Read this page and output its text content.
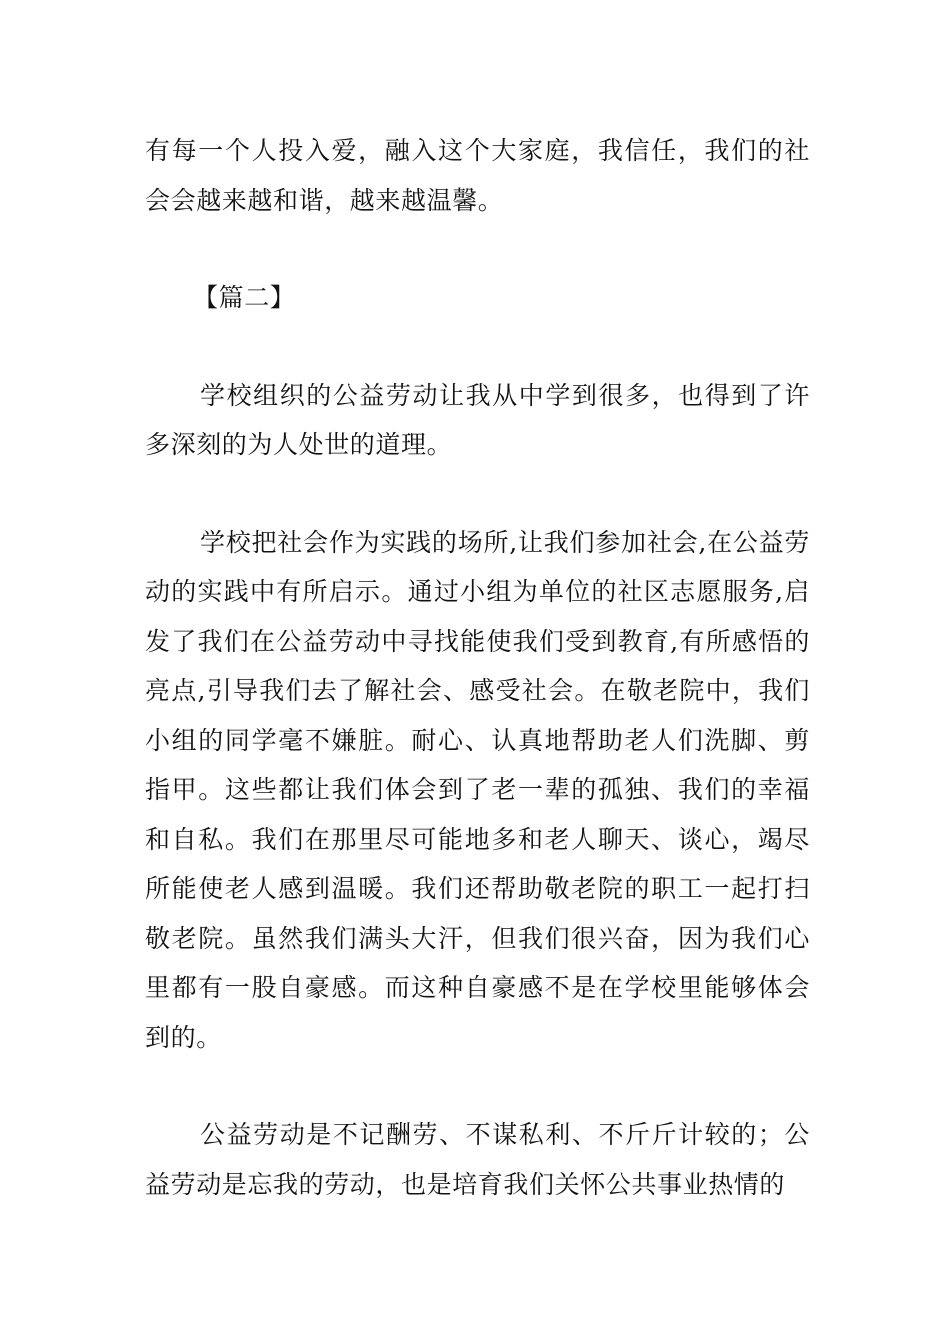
有每一个人投入爱，融入这个大家庭，我信任，我们的社会会越来越和谐，越来越温馨。

【篇二】

学校组织的公益劳动让我从中学到很多，也得到了许多深刻的为人处世的道理。

学校把社会作为实践的场所,让我们参加社会,在公益劳动的实践中有所启示。通过小组为单位的社区志愿服务,启发了我们在公益劳动中寻找能使我们受到教育,有所感悟的亮点,引导我们去了解社会、感受社会。在敬老院中，我们小组的同学毫不嫌脏。耐心、认真地帮助老人们洗脚、剪指甲。这些都让我们体会到了老一辈的孤独、我们的幸福和自私。我们在那里尽可能地多和老人聊天、谈心，竭尽所能使老人感到温暖。我们还帮助敬老院的职工一起打扫敬老院。虽然我们满头大汗，但我们很兴奋，因为我们心里都有一股自豪感。而这种自豪感不是在学校里能够体会到的。

公益劳动是不记酬劳、不谋私利、不斤斤计较的；公益劳动是忘我的劳动，也是培育我们关怀公共事业热情的
